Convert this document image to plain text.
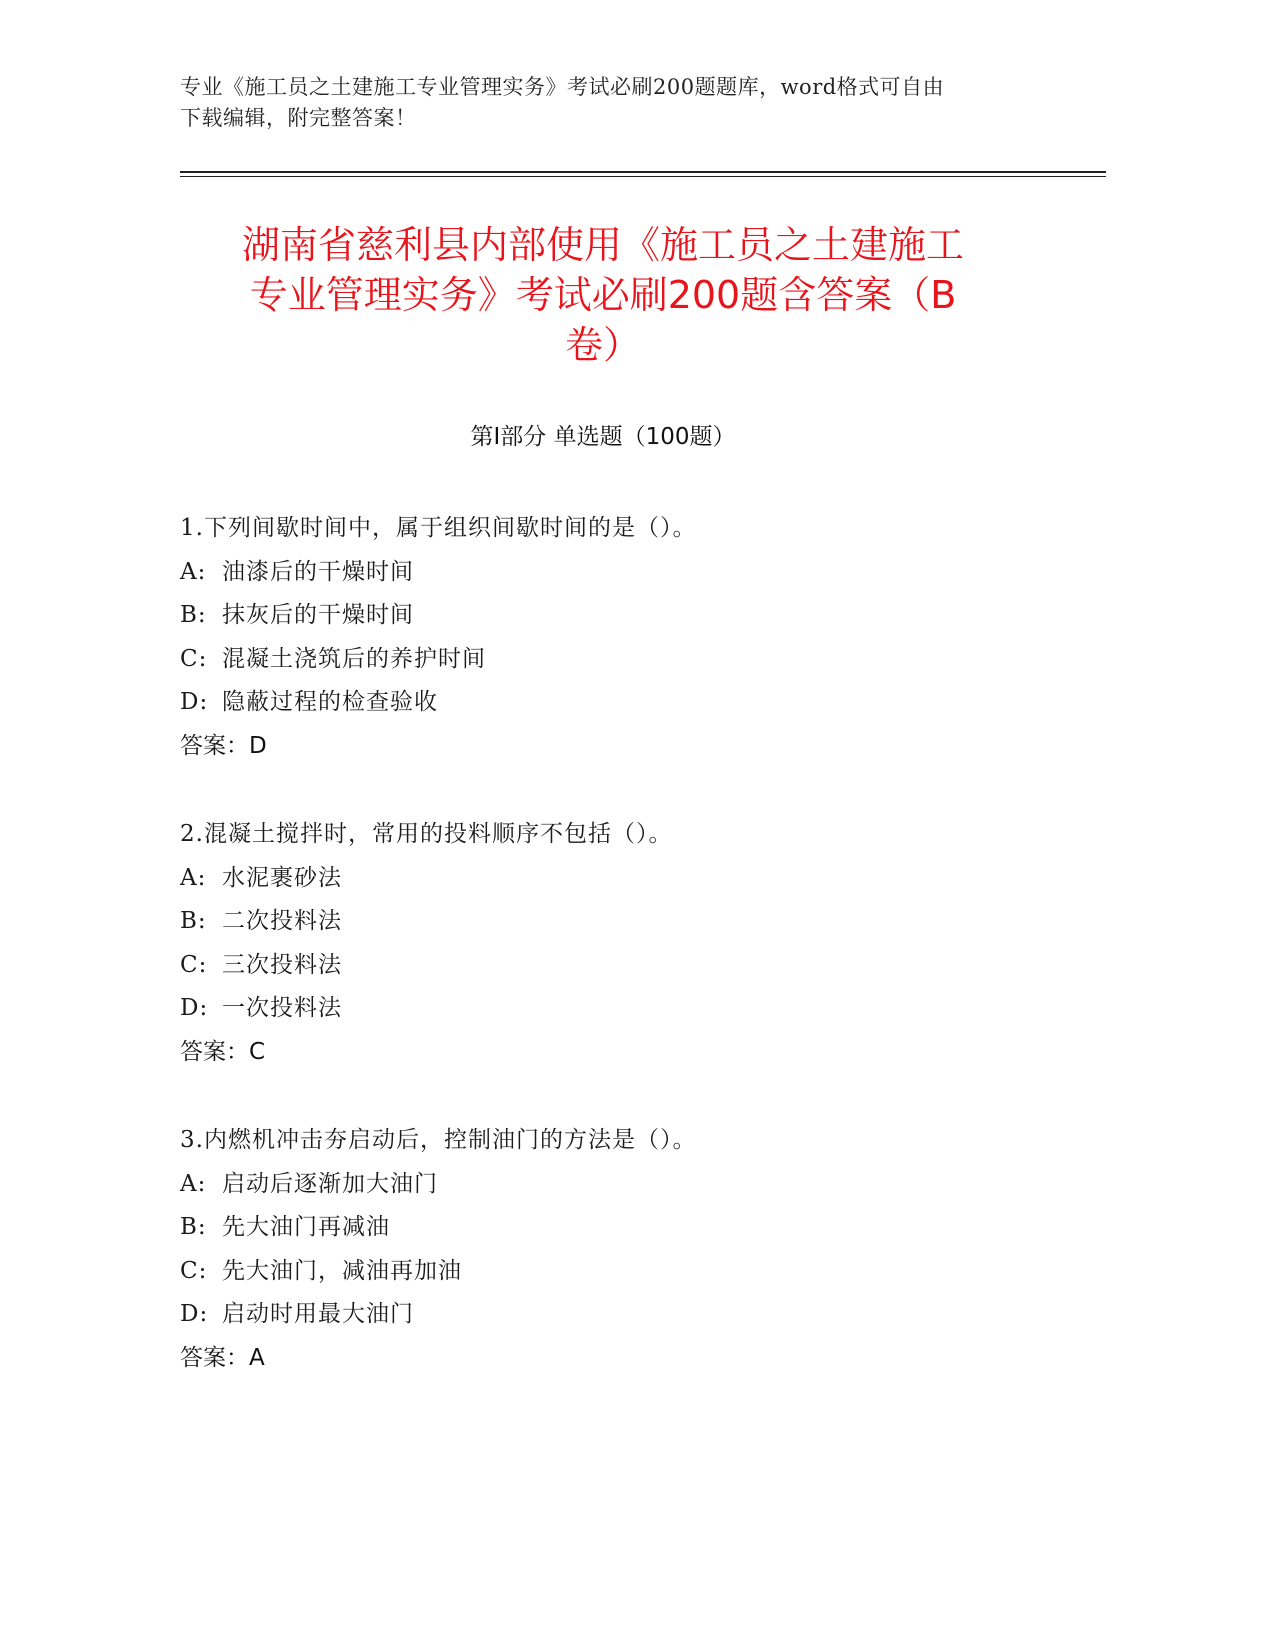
专业《施工员之土建施工专业管理实务》考试必刷200题题库，word格式可自由
下载编辑，附完整答案！
湖南省慈利县内部使用《施工员之土建施工
专业管理实务》考试必刷200题含答案（B
卷）
第Ⅰ部分 单选题（100题）
1.下列间歇时间中，属于组织间歇时间的是（）。
A: 油漆后的干燥时间
B: 抹灰后的干燥时间
C: 混凝土浇筑后的养护时间
D: 隐蔽过程的检查验收
答案：D
2.混凝土搅拌时，常用的投料顺序不包括（）。
A: 水泥裹砂法
B: 二次投料法
C: 三次投料法
D: 一次投料法
答案：C
3.内燃机冲击夯启动后，控制油门的方法是（）。
A: 启动后逐渐加大油门
B: 先大油门再减油
C: 先大油门，减油再加油
D: 启动时用最大油门
答案：A
